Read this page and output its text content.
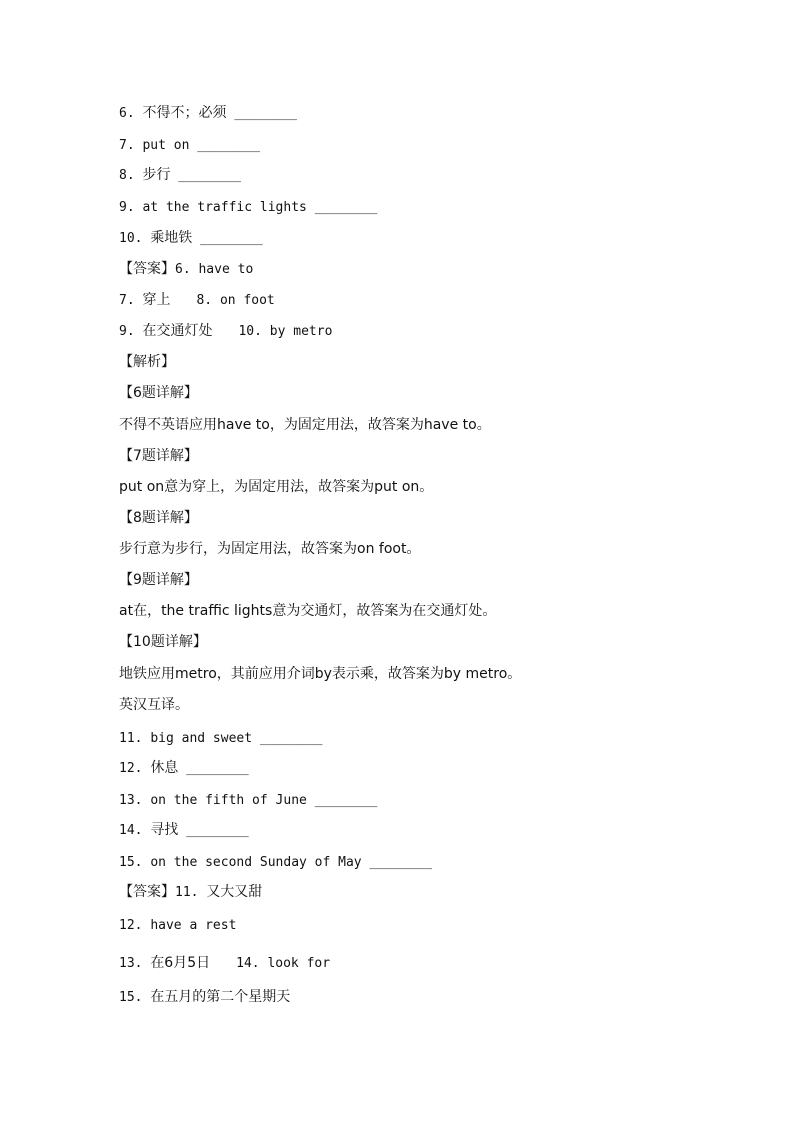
6. 不得不；必须 ________
7. put on ________
8. 步行 ________
9. at the traffic lights ________
10. 乘地铁 ________
【答案】6. have to
7. 穿上 8. on foot
9. 在交通灯处 10. by metro
【解析】
【6题详解】
不得不英语应用have to，为固定用法，故答案为have to。
【7题详解】
put on意为穿上，为固定用法，故答案为put on。
【8题详解】
步行意为步行，为固定用法，故答案为on foot。
【9题详解】
at在，the traffic lights意为交通灯，故答案为在交通灯处。
【10题详解】
地铁应用metro，其前应用介词by表示乘，故答案为by metro。
英汉互译。
11. big and sweet ________
12. 休息 ________
13. on the fifth of June ________
14. 寻找 ________
15. on the second Sunday of May ________
【答案】11. 又大又甜
12. have a rest
13. 在6月5日 14. look for
15. 在五月的第二个星期天
